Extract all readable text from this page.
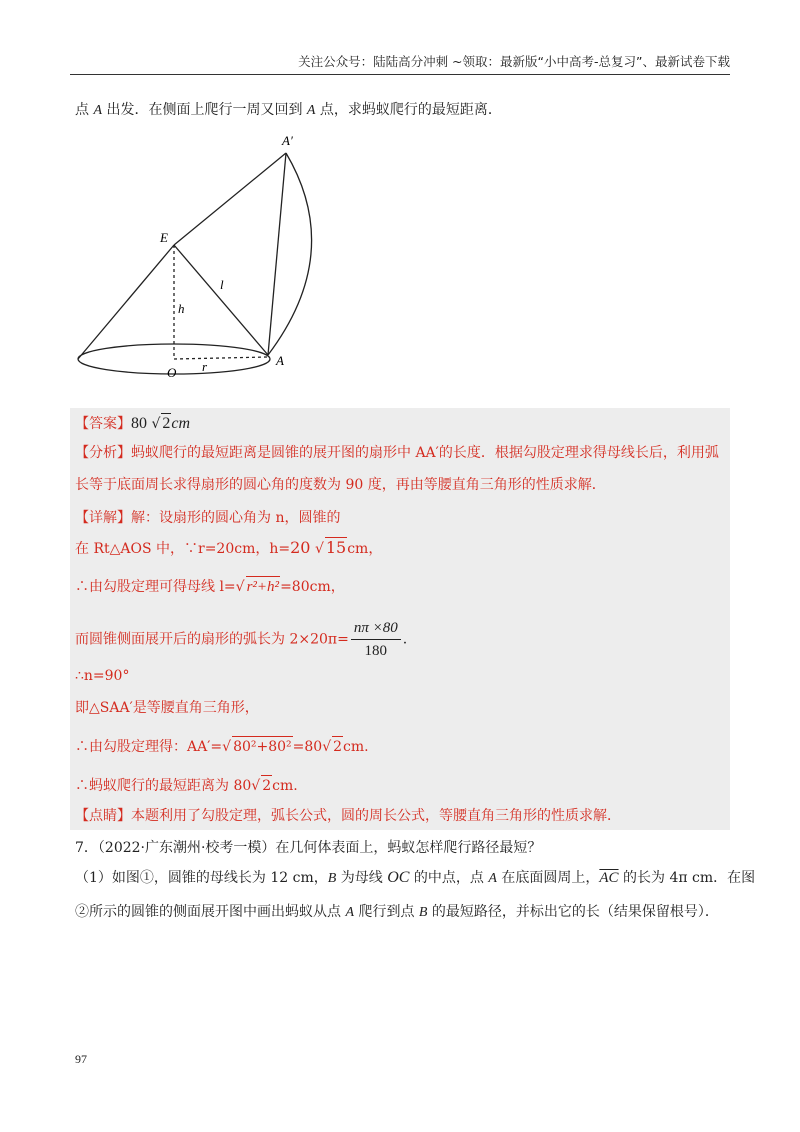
关注公众号：陆陆高分冲刺 ~领取：最新版“小中高考-总复习”、最新试卷下载
点 A 出发．在侧面上爬行一周又回到 A 点，求蚂蚁爬行的最短距离．
A′
E
l
h
O r	A
【答案】80 √ 2cm
【分析】蚂蚁爬行的最短距离是圆锥的展开图的扇形中 AA′的长度．根据勾股定理求得母线长后，利用弧
长等于底面周长求得扇形的圆心角的度数为 90 度，再由等腰直角三角形的性质求解．
【详解】解：设扇形的圆心角为 n，圆锥的
在 Rt△AOS 中，∵r=20cm，h=20 √ 15cm，
∴由勾股定理可得母线 l=√ r²+h²=80cm，
而圆锥侧面展开后的扇形的弧长为 $2\times 20\pi= \frac{n\pi \times 80}{180}$ .
∴n=90°
即△SAA′是等腰直角三角形，
∴由勾股定理得：AA′=√ 80²+80²=80√ 2cm.
∴蚂蚁爬行的最短距离为 80√ 2cm.
【点睛】本题利用了勾股定理，弧长公式，圆的周长公式，等腰直角三角形的性质求解．
7．（2022·广东潮州·校考一模）在几何体表面上，蚂蚁怎样爬行路径最短？
（1）如图①，圆锥的母线长为 12 cm，B 为母线 OC 的中点，点 A 在底面圆周上，$\overline{AC}$ 的长为 4π cm．在图
②所示的圆锥的侧面展开图中画出蚂蚁从点 A 爬行到点 B 的最短路径，并标出它的长（结果保留根号）．
97
